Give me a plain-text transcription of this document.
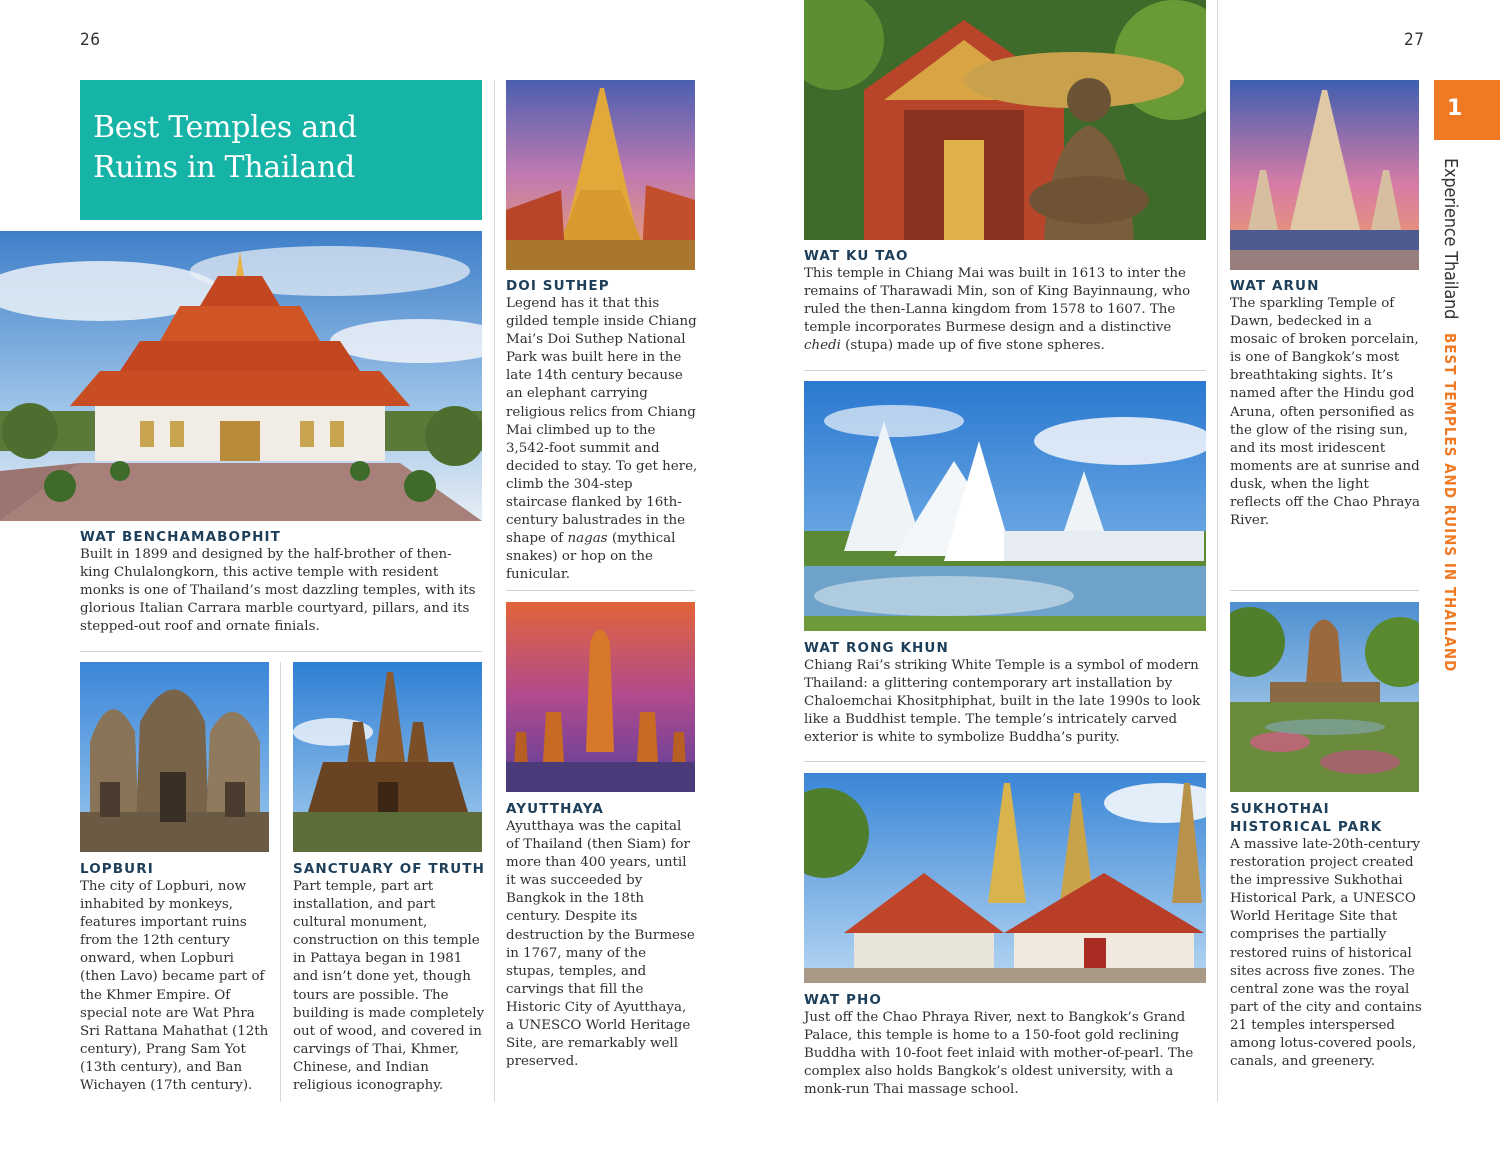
26	27
Best Temples and
Ruins in Thailand
WAT BENCHAMABOPHIT
Built in 1899 and designed by the half-brother of then-king Chulalongkorn, this active temple with resident monks is one of Thailand’s most dazzling temples, with its glorious Italian Carrara marble courtyard, pillars, and its stepped-out roof and ornate finials.
LOPBURI
The city of Lopburi, now inhabited by monkeys, features important ruins from the 12th century onward, when Lopburi (then Lavo) became part of the Khmer Empire. Of special note are Wat Phra Sri Rattana Mahathat (12th century), Prang Sam Yot (13th century), and Ban Wichayen (17th century).
SANCTUARY OF TRUTH
Part temple, part art installation, and part cultural monument, construction on this temple in Pattaya began in 1981 and isn’t done yet, though tours are possible. The building is made completely out of wood, and covered in carvings of Thai, Khmer, Chinese, and Indian religious iconography.
DOI SUTHEP
Legend has it that this gilded temple inside Chiang Mai’s Doi Suthep National Park was built here in the late 14th century because an elephant carrying religious relics from Chiang Mai climbed up to the 3,542-foot summit and decided to stay. To get here, climb the 304-step staircase flanked by 16th-century balustrades in the shape of nagas (mythical snakes) or hop on the funicular.
AYUTTHAYA
Ayutthaya was the capital of Thailand (then Siam) for more than 400 years, until it was succeeded by Bangkok in the 18th century. Despite its destruction by the Burmese in 1767, many of the stupas, temples, and carvings that fill the Historic City of Ayutthaya, a UNESCO World Heritage Site, are remarkably well preserved.
WAT KU TAO
This temple in Chiang Mai was built in 1613 to inter the remains of Tharawadi Min, son of King Bayinnaung, who ruled the then-Lanna kingdom from 1578 to 1607. The temple incorporates Burmese design and a distinctive chedi (stupa) made up of five stone spheres.
WAT RONG KHUN
Chiang Rai’s striking White Temple is a symbol of modern Thailand: a glittering contemporary art installation by Chaloemchai Khositphiphat, built in the late 1990s to look like a Buddhist temple. The temple’s intricately carved exterior is white to symbolize Buddha’s purity.
WAT PHO
Just off the Chao Phraya River, next to Bangkok’s Grand Palace, this temple is home to a 150-foot gold reclining Buddha with 10-foot feet inlaid with mother-of-pearl. The complex also holds Bangkok’s oldest university, with a monk-run Thai massage school.
WAT ARUN
The sparkling Temple of Dawn, bedecked in a mosaic of broken porcelain, is one of Bangkok’s most breathtaking sights. It’s named after the Hindu god Aruna, often personified as the glow of the rising sun, and its most iridescent moments are at sunrise and dusk, when the light reflects off the Chao Phraya River.
SUKHOTHAI
HISTORICAL PARK
A massive late-20th-century restoration project created the impressive Sukhothai Historical Park, a UNESCO World Heritage Site that comprises the partially restored ruins of historical sites across five zones. The central zone was the royal part of the city and contains 21 temples interspersed among lotus-covered pools, canals, and greenery.
1
Experience ThailandBEST TEMPLES AND RUINS IN THAILAND
